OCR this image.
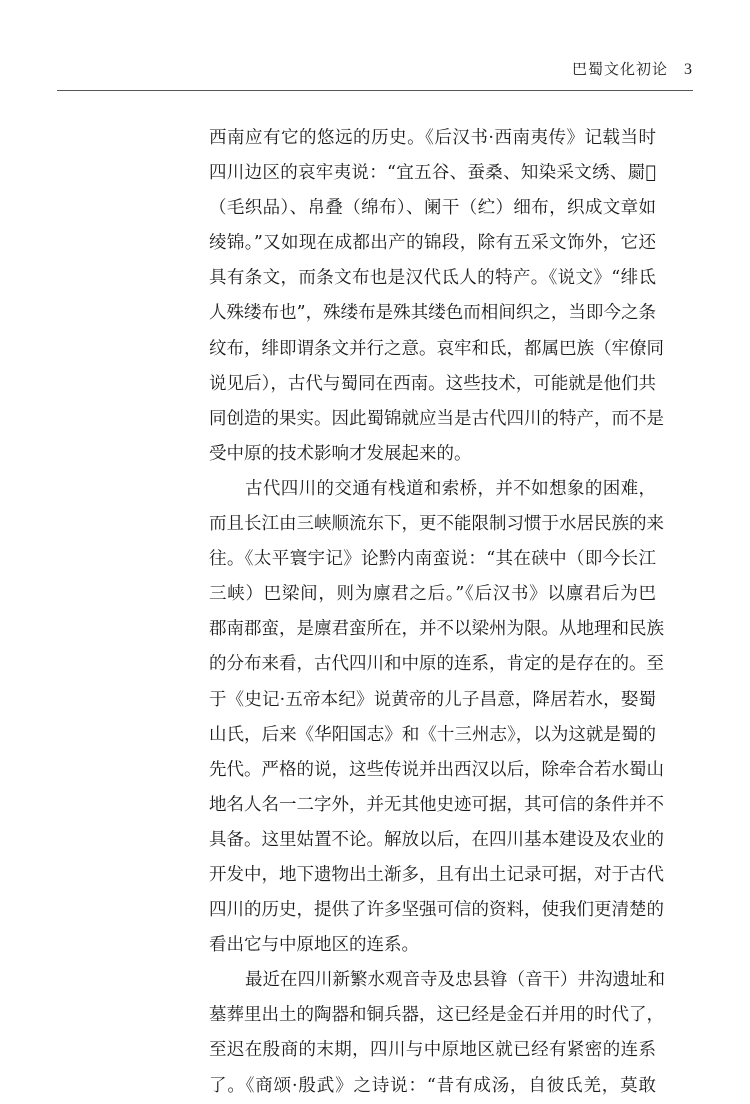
巴蜀文化初论 3
西南应有它的悠远的历史。《后汉书·西南夷传》记载当时
四川边区的哀牢夷说：“宜五谷、蚕桑、知染采文绣、罽𣰆
（毛织品）、帛叠（绵布）、阑干（纻）细布，织成文章如
绫锦。”又如现在成都出产的锦段，除有五采文饰外，它还
具有条文，而条文布也是汉代氐人的特产。《说文》“绯氐
人殊缕布也”，殊缕布是殊其缕色而相间织之，当即今之条
纹布，绯即谓条文并行之意。哀牢和氐，都属巴族（牢僚同
说见后），古代与蜀同在西南。这些技术，可能就是他们共
同创造的果实。因此蜀锦就应当是古代四川的特产，而不是
受中原的技术影响才发展起来的。
古代四川的交通有栈道和索桥，并不如想象的困难，
而且长江由三峡顺流东下，更不能限制习惯于水居民族的来
往。《太平寰宇记》论黔内南蛮说：“其在硖中（即今长江
三峡）巴梁间，则为廪君之后。”《后汉书》以廪君后为巴
郡南郡蛮，是廪君蛮所在，并不以梁州为限。从地理和民族
的分布来看，古代四川和中原的连系，肯定的是存在的。至
于《史记·五帝本纪》说黄帝的儿子昌意，降居若水，娶蜀
山氏，后来《华阳国志》和《十三州志》，以为这就是蜀的
先代。严格的说，这些传说并出西汉以后，除牵合若水蜀山
地名人名一二字外，并无其他史迹可据，其可信的条件并不
具备。这里姑置不论。解放以后，在四川基本建设及农业的
开发中，地下遗物出土渐多，且有出土记录可据，对于古代
四川的历史，提供了许多坚强可信的资料，使我们更清楚的
看出它与中原地区的连系。
最近在四川新繁水观音寺及忠县㽏（音干）井沟遗址和
墓葬里出土的陶器和铜兵器，这已经是金石并用的时代了，
至迟在殷商的末期，四川与中原地区就已经有紧密的连系
了。《商颂·殷武》之诗说：“昔有成汤，自彼氐羌，莫敢
